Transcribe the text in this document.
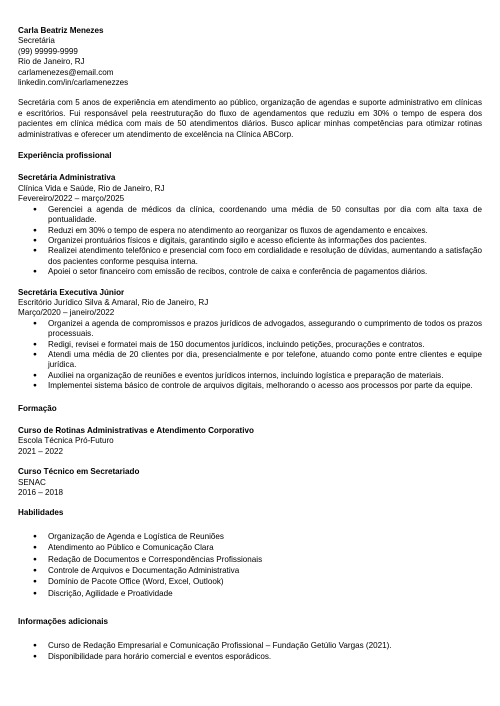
Carla Beatriz Menezes
Secretária
(99) 99999-9999
Rio de Janeiro, RJ
carlamenezes@email.com
linkedin.com/in/carlamenezzes

Secretária com 5 anos de experiência em atendimento ao público, organização de agendas e suporte administrativo em clínicas e escritórios. Fui responsável pela reestruturação do fluxo de agendamentos que reduziu em 30% o tempo de espera dos pacientes em clínica médica com mais de 50 atendimentos diários. Busco aplicar minhas competências para otimizar rotinas administrativas e oferecer um atendimento de excelência na Clínica ABCorp.

Experiência profissional
Secretária Administrativa
Clínica Vida e Saúde, Rio de Janeiro, RJ
Fevereiro/2022 – março/2025
● Gerenciei a agenda de médicos da clínica, coordenando uma média de 50 consultas por dia com alta taxa de pontualidade.
● Reduzi em 30% o tempo de espera no atendimento ao reorganizar os fluxos de agendamento e encaixes.
● Organizei prontuários físicos e digitais, garantindo sigilo e acesso eficiente às informações dos pacientes.
● Realizei atendimento telefônico e presencial com foco em cordialidade e resolução de dúvidas, aumentando a satisfação dos pacientes conforme pesquisa interna.
● Apoiei o setor financeiro com emissão de recibos, controle de caixa e conferência de pagamentos diários.
Secretária Executiva Júnior
Escritório Jurídico Silva & Amaral, Rio de Janeiro, RJ
Março/2020 – janeiro/2022
● Organizei a agenda de compromissos e prazos jurídicos de advogados, assegurando o cumprimento de todos os prazos processuais.
● Redigi, revisei e formatei mais de 150 documentos jurídicos, incluindo petições, procurações e contratos.
● Atendi uma média de 20 clientes por dia, presencialmente e por telefone, atuando como ponte entre clientes e equipe jurídica.
● Auxiliei na organização de reuniões e eventos jurídicos internos, incluindo logística e preparação de materiais.
● Implementei sistema básico de controle de arquivos digitais, melhorando o acesso aos processos por parte da equipe.
Formação
Curso de Rotinas Administrativas e Atendimento Corporativo
Escola Técnica Pró-Futuro
2021 – 2022
Curso Técnico em Secretariado
SENAC
2016 – 2018
Habilidades
● Organização de Agenda e Logística de Reuniões
● Atendimento ao Público e Comunicação Clara
● Redação de Documentos e Correspondências Profissionais
● Controle de Arquivos e Documentação Administrativa
● Domínio de Pacote Office (Word, Excel, Outlook)
● Discrição, Agilidade e Proatividade
Informações adicionais
● Curso de Redação Empresarial e Comunicação Profissional – Fundação Getúlio Vargas (2021).
● Disponibilidade para horário comercial e eventos esporádicos.
